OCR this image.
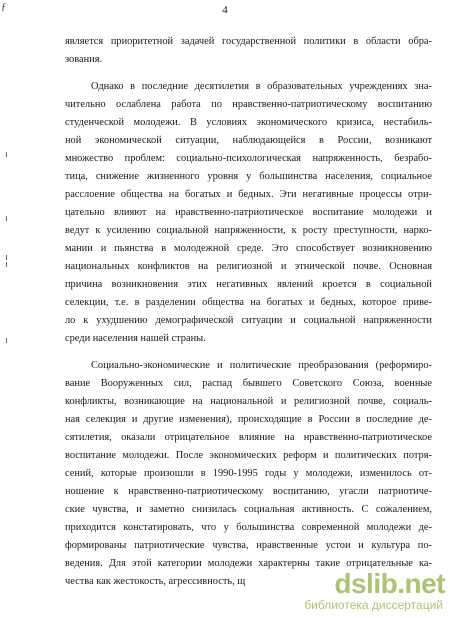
ƒ	4
является приоритетной задачей государственной политики в области обра-
зования.
Однако в последние десятилетия в образовательных учреждениях зна-
чительно ослаблена работа по нравственно-патриотическому воспитанию
студенческой молодежи. В условиях экономического кризиса, нестабиль-
ной экономической ситуации, наблюдающейся в России, возникают
множество проблем: социально-психологическая напряженность, безрабо-
тица, снижение жизненного уровня у большинства населения, социальное
расслоение общества на богатых и бедных. Эти негативные процессы отри-
цательно влияют на нравственно-патриотическое воспитание молодежи и
ведут к усилению социальной напряженности, к росту преступности, нарко-
мании и пьянства в молодежной среде. Это способствует возникновению
национальных конфликтов на религиозной и этнической почве. Основная
причина возникновения этих негативных явлений кроется в социальной
селекции, т.е. в разделении общества на богатых и бедных, которое приве-
ло к ухудшению демографической ситуации и социальной напряженности
среди населения нашей страны.
Социально-экономические и политические преобразования (реформиро-
вание Вооруженных сил, распад бывшего Советского Союза, военные
конфликты, возникающие на национальной и религиозной почве, социаль-
ная селекция и другие изменения), происходящие в России в последние де-
сятилетия, оказали отрицательное влияние на нравственно-патриотическое
воспитание молодежи. После экономических реформ и политических потря-
сений, которые произошли в 1990-1995 годы у молодежи, изменилось от-
ношение к нравственно-патриотическому воспитанию, угасли патриотиче-
ские чувства, и заметно снизилась социальная активность. С сожалением,
приходится констатировать, что у большинства современной молодежи де-
формированы патриотические чувства, нравственные устои и культура по-
ведения. Для этой категории молодежи характерны такие отрицательные ка-
чества как жестокость, агрессивность, щ	dslib.net
библиотека диссертаций
